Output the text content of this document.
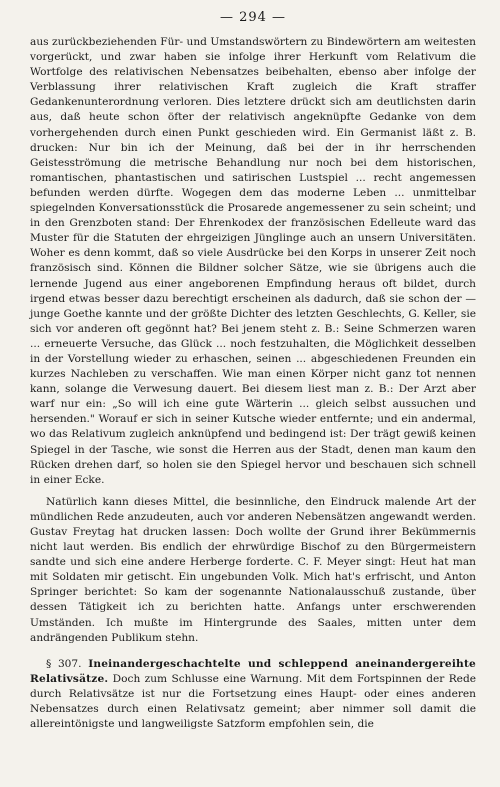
— 294 —

aus zurückbeziehenden Für- und Umstandswörtern zu Bindewörtern am weitesten vorgerückt, und zwar haben sie infolge ihrer Herkunft vom Relativum die Wortfolge des relativischen Nebensatzes beibehalten, ebenso aber infolge der Verblassung ihrer relativischen Kraft zugleich die Kraft straffer Gedankenunterordnung verloren. Dies letztere drückt sich am deutlichsten darin aus, daß heute schon öfter der relativisch angeknüpfte Gedanke von dem vorhergehenden durch einen Punkt geschieden wird. Ein Germanist läßt z. B. drucken: Nur bin ich der Meinung, daß bei der in ihr herrschenden Geistesströmung die metrische Behandlung nur noch bei dem historischen, romantischen, phantastischen und satirischen Lustspiel ... recht angemessen befunden werden dürfte. Wogegen dem das moderne Leben ... unmittelbar spiegelnden Konversationsstück die Prosarede angemessener zu sein scheint; und in den Grenzboten stand: Der Ehrenkodex der französischen Edelleute ward das Muster für die Statuten der ehrgeizigen Jünglinge auch an unsern Universitäten. Woher es denn kommt, daß so viele Ausdrücke bei den Korps in unserer Zeit noch französisch sind. Können die Bildner solcher Sätze, wie sie übrigens auch die lernende Jugend aus einer angeborenen Empfindung heraus oft bildet, durch irgend etwas besser dazu berechtigt erscheinen als dadurch, daß sie schon der — junge Goethe kannte und der größte Dichter des letzten Geschlechts, G. Keller, sie sich vor anderen oft gegönnt hat? Bei jenem steht z. B.: Seine Schmerzen waren ... erneuerte Versuche, das Glück ... noch festzuhalten, die Möglichkeit desselben in der Vorstellung wieder zu erhaschen, seinen ... abgeschiedenen Freunden ein kurzes Nachleben zu verschaffen. Wie man einen Körper nicht ganz tot nennen kann, solange die Verwesung dauert. Bei diesem liest man z. B.: Der Arzt aber warf nur ein: „So will ich eine gute Wärterin ... gleich selbst aussuchen und hersenden." Worauf er sich in seiner Kutsche wieder entfernte; und ein andermal, wo das Relativum zugleich anknüpfend und bedingend ist: Der trägt gewiß keinen Spiegel in der Tasche, wie sonst die Herren aus der Stadt, denen man kaum den Rücken drehen darf, so holen sie den Spiegel hervor und beschauen sich schnell in einer Ecke.

Natürlich kann dieses Mittel, die besinnliche, den Eindruck malende Art der mündlichen Rede anzudeuten, auch vor anderen Nebensätzen angewandt werden. Gustav Freytag hat drucken lassen: Doch wollte der Grund ihrer Bekümmernis nicht laut werden. Bis endlich der ehrwürdige Bischof zu den Bürgermeistern sandte und sich eine andere Herberge forderte. C. F. Meyer singt: Heut hat man mit Soldaten mir getischt. Ein ungebunden Volk. Mich hat's erfrischt, und Anton Springer berichtet: So kam der sogenannte Nationalausschuß zustande, über dessen Tätigkeit ich zu berichten hatte. Anfangs unter erschwerenden Umständen. Ich mußte im Hintergrunde des Saales, mitten unter dem andrängenden Publikum stehn.

§ 307. Ineinandergeschachtelte und schleppend aneinandergereihte Relativsätze. Doch zum Schlusse eine Warnung. Mit dem Fortspinnen der Rede durch Relativsätze ist nur die Fortsetzung eines Haupt- oder eines anderen Nebensatzes durch einen Relativsatz gemeint; aber nimmer soll damit die allereintönigste und langweiligste Satzform empfohlen sein, die
